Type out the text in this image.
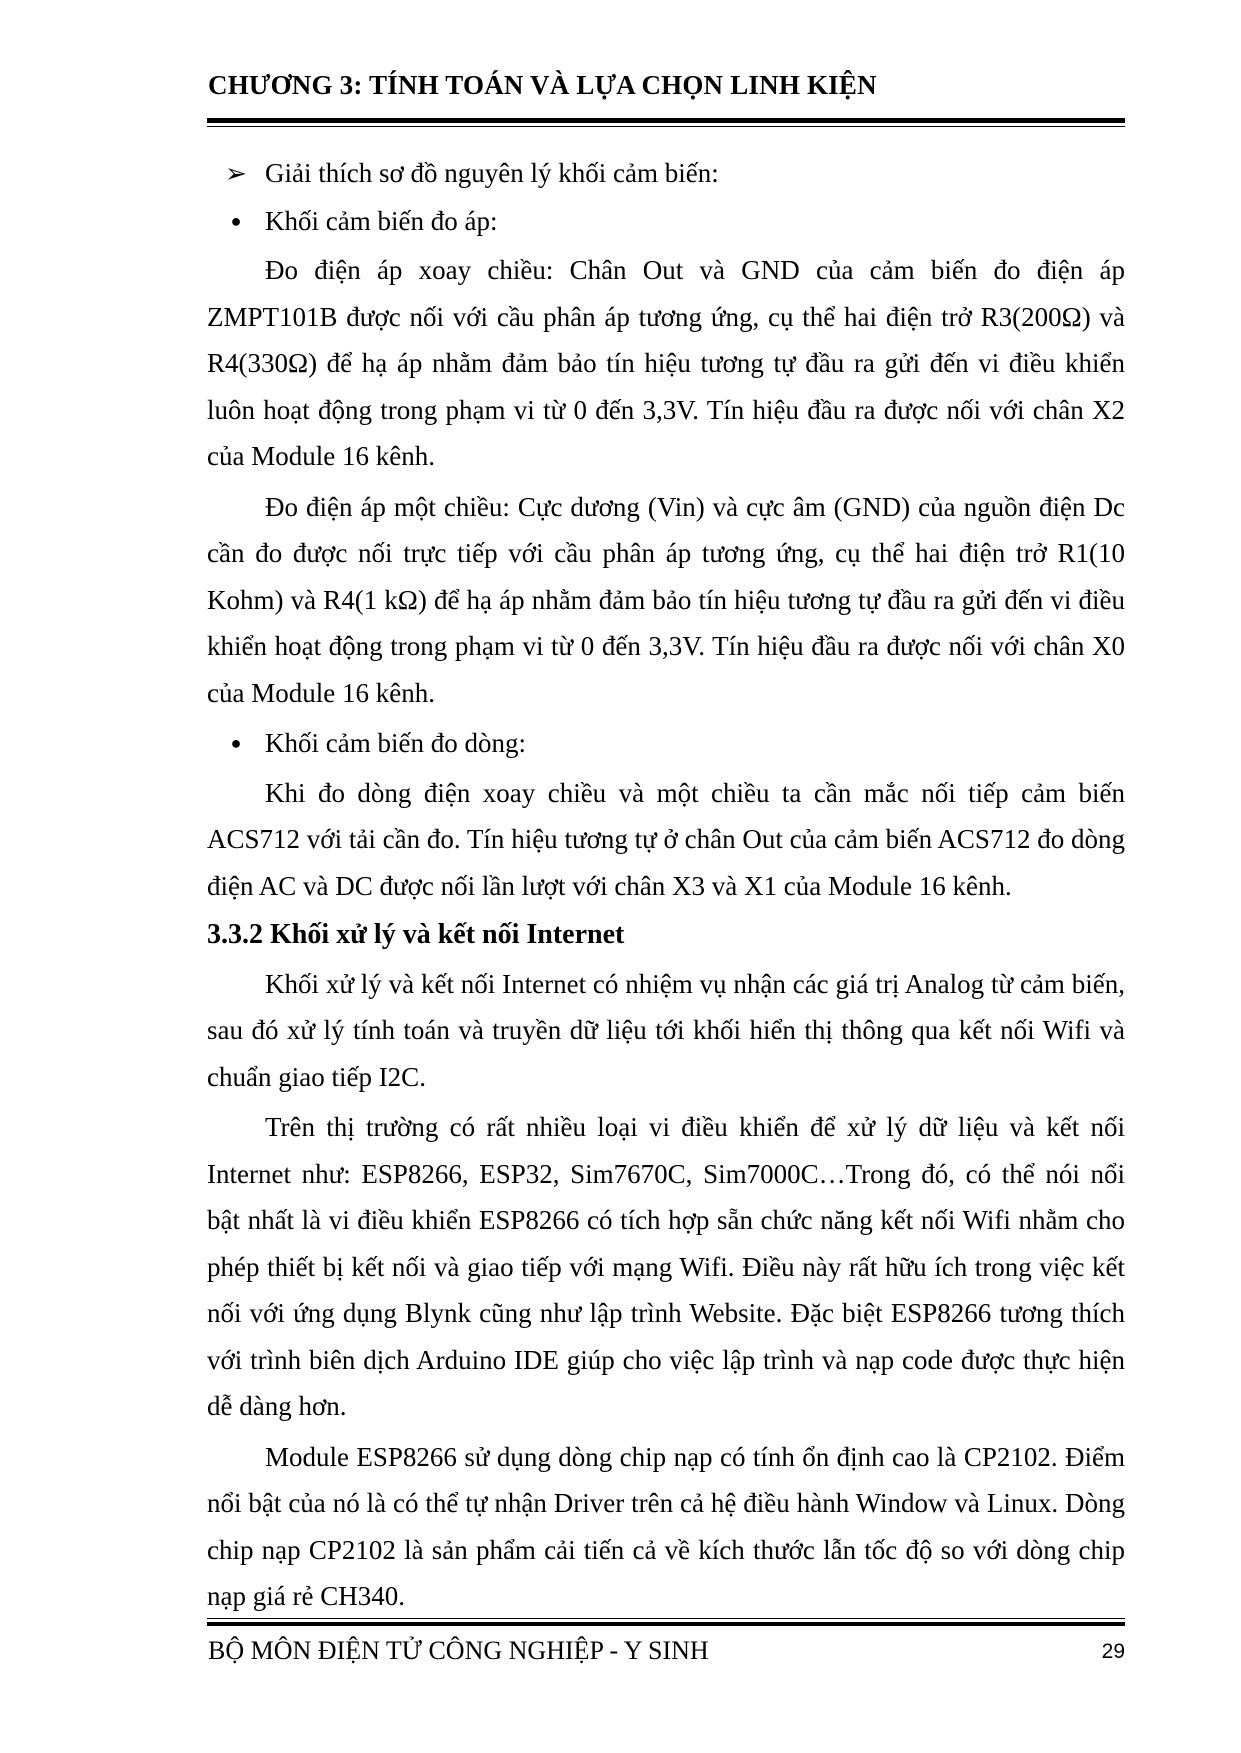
CHƯƠNG 3: TÍNH TOÁN VÀ LỰA CHỌN LINH KIỆN
➢ Giải thích sơ đồ nguyên lý khối cảm biến:
● Khối cảm biến đo áp:

Đo điện áp xoay chiều: Chân Out và GND của cảm biến đo điện áp ZMPT101B được nối với cầu phân áp tương ứng, cụ thể hai điện trở R3(200Ω) và R4(330Ω) để hạ áp nhằm đảm bảo tín hiệu tương tự đầu ra gửi đến vi điều khiển luôn hoạt động trong phạm vi từ 0 đến 3,3V. Tín hiệu đầu ra được nối với chân X2 của Module 16 kênh.

Đo điện áp một chiều: Cực dương (Vin) và cực âm (GND) của nguồn điện Dc cần đo được nối trực tiếp với cầu phân áp tương ứng, cụ thể hai điện trở R1(10 Kohm) và R4(1 kΩ) để hạ áp nhằm đảm bảo tín hiệu tương tự đầu ra gửi đến vi điều khiển hoạt động trong phạm vi từ 0 đến 3,3V. Tín hiệu đầu ra được nối với chân X0 của Module 16 kênh.

● Khối cảm biến đo dòng:

Khi đo dòng điện xoay chiều và một chiều ta cần mắc nối tiếp cảm biến ACS712 với tải cần đo. Tín hiệu tương tự ở chân Out của cảm biến ACS712 đo dòng điện AC và DC được nối lần lượt với chân X3 và X1 của Module 16 kênh.

3.3.2 Khối xử lý và kết nối Internet

Khối xử lý và kết nối Internet có nhiệm vụ nhận các giá trị Analog từ cảm biến, sau đó xử lý tính toán và truyền dữ liệu tới khối hiển thị thông qua kết nối Wifi và chuẩn giao tiếp I2C.

Trên thị trường có rất nhiều loại vi điều khiển để xử lý dữ liệu và kết nối Internet như: ESP8266, ESP32, Sim7670C, Sim7000C…Trong đó, có thể nói nổi bật nhất là vi điều khiển ESP8266 có tích hợp sẵn chức năng kết nối Wifi nhằm cho phép thiết bị kết nối và giao tiếp với mạng Wifi. Điều này rất hữu ích trong việc kết nối với ứng dụng Blynk cũng như lập trình Website. Đặc biệt ESP8266 tương thích với trình biên dịch Arduino IDE giúp cho việc lập trình và nạp code được thực hiện dễ dàng hơn.

Module ESP8266 sử dụng dòng chip nạp có tính ổn định cao là CP2102. Điểm nổi bật của nó là có thể tự nhận Driver trên cả hệ điều hành Window và Linux. Dòng chip nạp CP2102 là sản phẩm cải tiến cả về kích thước lẫn tốc độ so với dòng chip nạp giá rẻ CH340.

BỘ MÔN ĐIỆN TỬ CÔNG NGHIỆP - Y SINH	29
